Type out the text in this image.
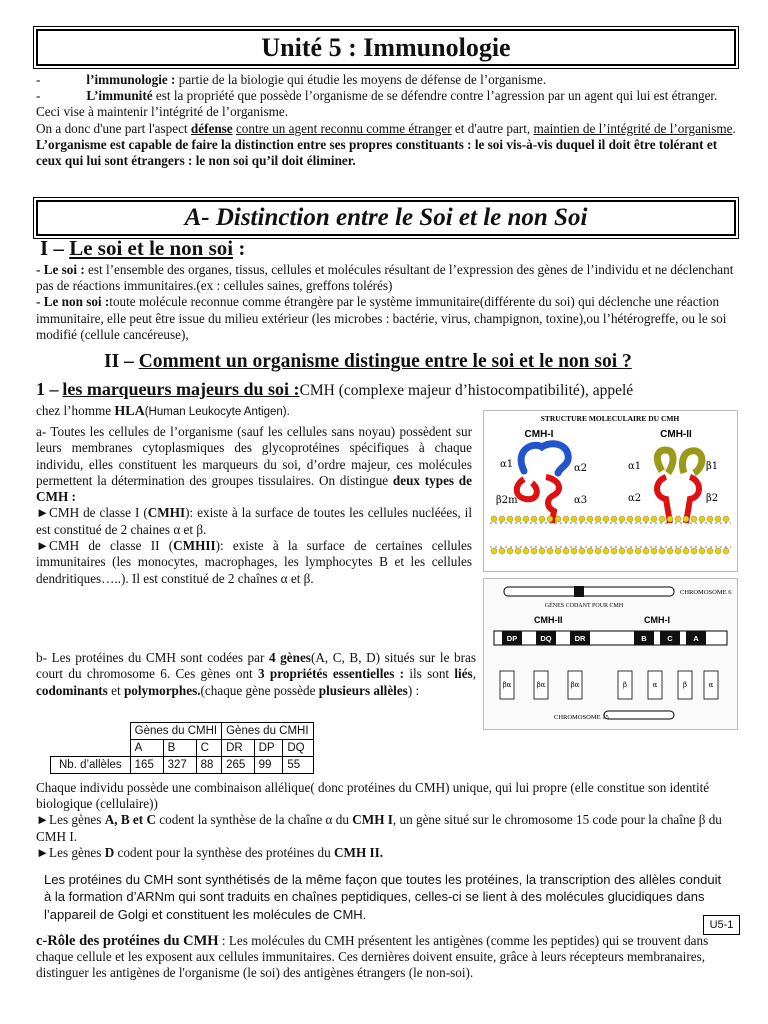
Unité 5 : Immunologie
-	l’immunologie : partie de la biologie qui étudie les moyens de défense de l’organisme.
-	L’immunité est la propriété que possède l’organisme de se défendre contre l’agression par un agent qui lui est étranger. Ceci vise à maintenir l’intégrité de l’organisme.
On a donc d'une part l'aspect défense contre un agent reconnu comme étranger et d'autre part, maintien de l’intégrité de l’organisme.
L’organisme est capable de faire la distinction entre ses propres constituants : le soi vis-à-vis duquel il doit être tolérant et ceux qui lui sont étrangers : le non soi qu’il doit éliminer.
A- Distinction entre le Soi et le non Soi
I – Le soi et le non soi :
- Le soi : est l’ensemble des organes, tissus, cellules et molécules résultant de l’expression des gènes de l’individu et ne déclenchant pas de réactions immunitaires.(ex : cellules saines, greffons tolérés)
- Le non soi :toute molécule reconnue comme étrangère par le système immunitaire(différente du soi) qui déclenche une réaction immunitaire, elle peut être issue du milieu extérieur (les microbes : bactérie, virus, champignon, toxine),ou l’hétérogreffe, ou le soi modifié (cellule cancéreuse),
II – Comment un organisme distingue entre le soi et le non soi ?
1 – les marqueurs majeurs du soi :CMH (complexe majeur d’histocompatibilité), appelé
chez l’homme HLA(Human Leukocyte Antigen).
a- Toutes les cellules de l’organisme (sauf les cellules sans noyau) possèdent sur leurs membranes cytoplasmiques des glycoprotéines spécifiques à chaque individu, elles constituent les marqueurs du soi, d’ordre majeur, ces molécules permettent la détermination des groupes tissulaires. On distingue deux types de CMH :
►CMH de classe I (CMHI): existe à la surface de toutes les cellules nucléées, il est constitué de 2 chaines α et β.
►CMH de classe II (CMHII): existe à la surface de certaines cellules immunitaires (les monocytes, macrophages, les lymphocytes B et les cellules dendritiques…..). Il est constitué de 2 chaînes α et β.
b- Les protéines du CMH sont codées par 4 gènes(A, C, B, D) situés sur le bras court du chromosome 6. Ces gènes ont 3 propriétés essentielles : ils sont liés, codominants et polymorphes.(chaque gène possède plusieurs allèles) :
	Gènes du CMHI			Gènes du CMHI		
	A	B	C	DR	DP	DQ
Nb. d’allèles	165	327	88	265	99	55
Chaque individu possède une combinaison allélique( donc protéines du CMH) unique, qui lui propre (elle constitue son identité biologique (cellulaire))
►Les gènes A, B et C codent la synthèse de la chaîne α du CMH I, un gène situé sur le chromosome 15 code pour la chaîne β du CMH I.
►Les gènes D codent pour la synthèse des protéines du CMH II.
Les protéines du CMH sont synthétisés de la même façon que toutes les protéines, la transcription des allèles conduit à la formation d’ARNm qui sont traduits en chaînes peptidiques, celles-ci se lient à des molécules glucidiques dans l’appareil de Golgi et constituent les molécules de CMH.
c-Rôle des protéines du CMH : Les molécules du CMH présentent les antigènes (comme les peptides) qui se trouvent dans chaque cellule et les exposent aux cellules immunitaires. Ces dernières doivent ensuite, grâce à leurs récepteurs membranaires, distinguer les antigènes de l'organisme (le soi) des antigènes étrangers (le non-soi).
U5-1
STRUCTURE MOLECULAIRE DU CMH
CMH-I	CMH-II
α1	α2
β2m	α3
α1	β1
α2	β2
CHROMOSOME 6
GÈNES CODANT POUR CMH
CMH-II	CMH-I
DP	DQ	DR	B	C	A
βα	βα	βα	β	α	β	α
CHROMOSOME 15
